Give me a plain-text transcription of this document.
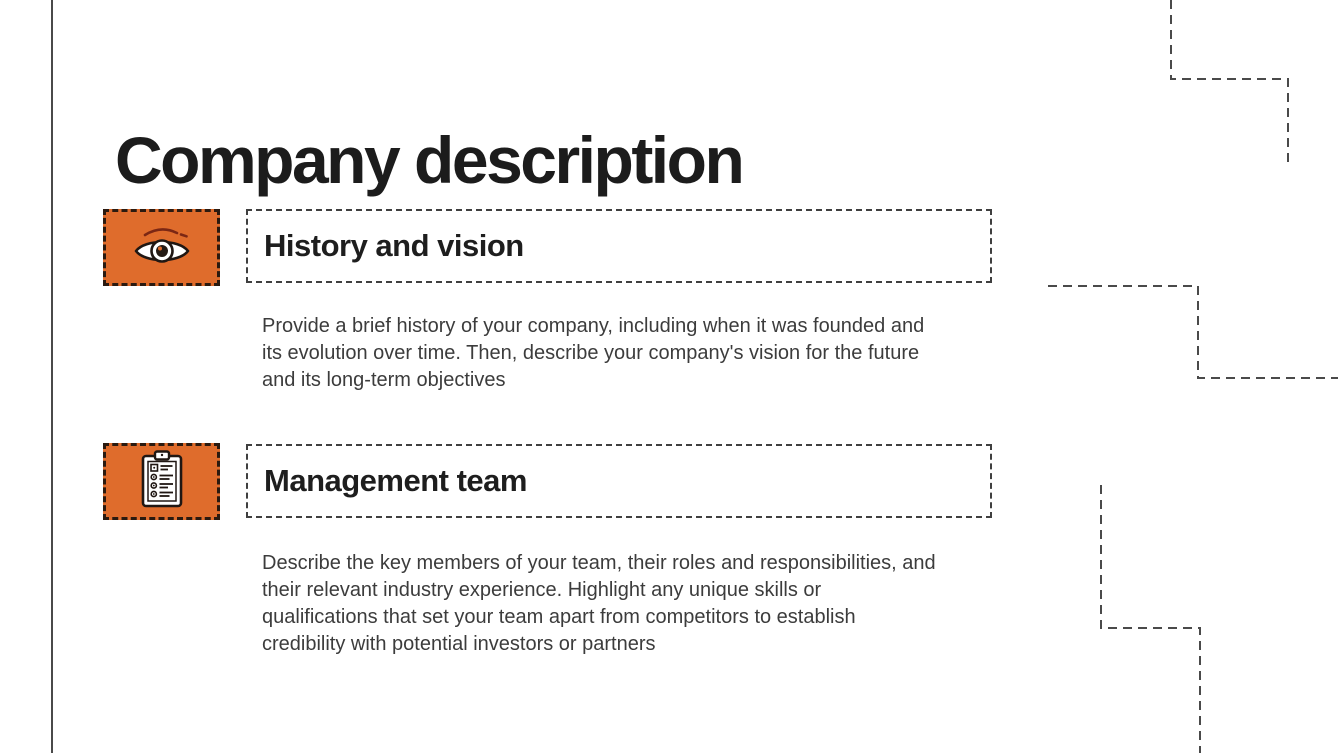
Company description
History and vision
Provide a brief history of your company, including when it was founded and
its evolution over time. Then, describe your company's vision for the future
and its long-term objectives
Management team
Describe the key members of your team, their roles and responsibilities, and
their relevant industry experience. Highlight any unique skills or
qualifications that set your team apart from competitors to establish
credibility with potential investors or partners
